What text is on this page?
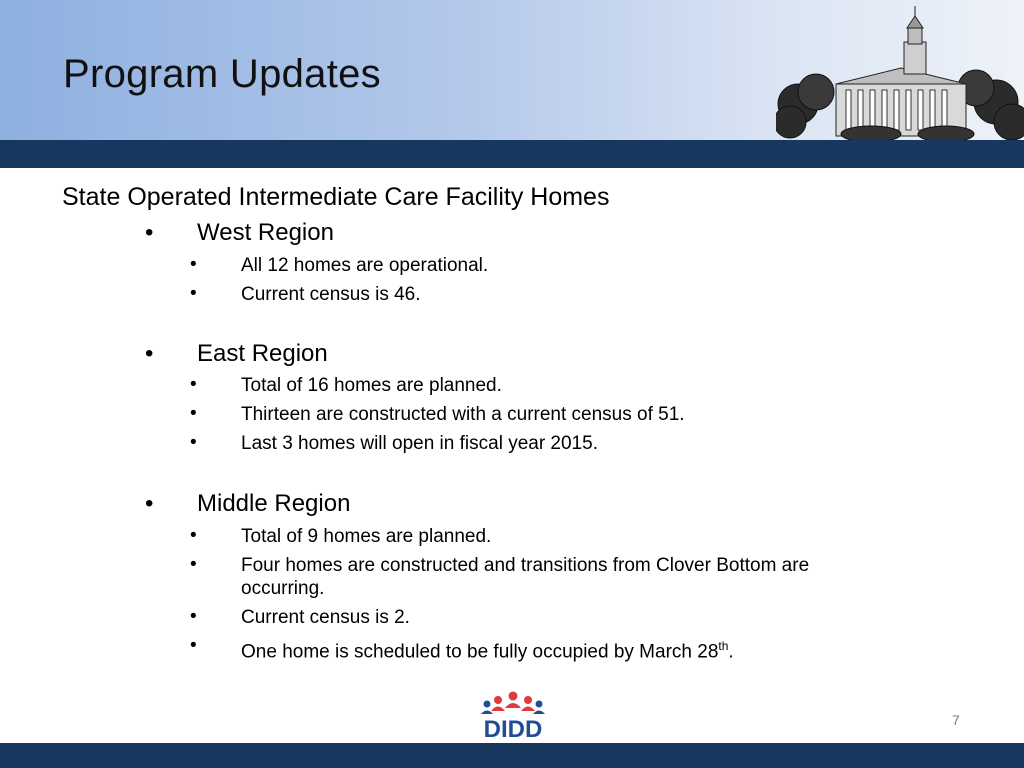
Program Updates
State Operated Intermediate Care Facility Homes
• West Region
• All 12 homes are operational.
• Current census is 46.
• East Region
• Total of 16 homes are planned.
• Thirteen are constructed with a current census of 51.
• Last 3 homes will open in fiscal year 2015.
• Middle Region
• Total of 9 homes are planned.
• Four homes are constructed and transitions from Clover Bottom are
occurring.
• Current census is 2.
• One home is scheduled to be fully occupied by March 28th.
DIDD	7
